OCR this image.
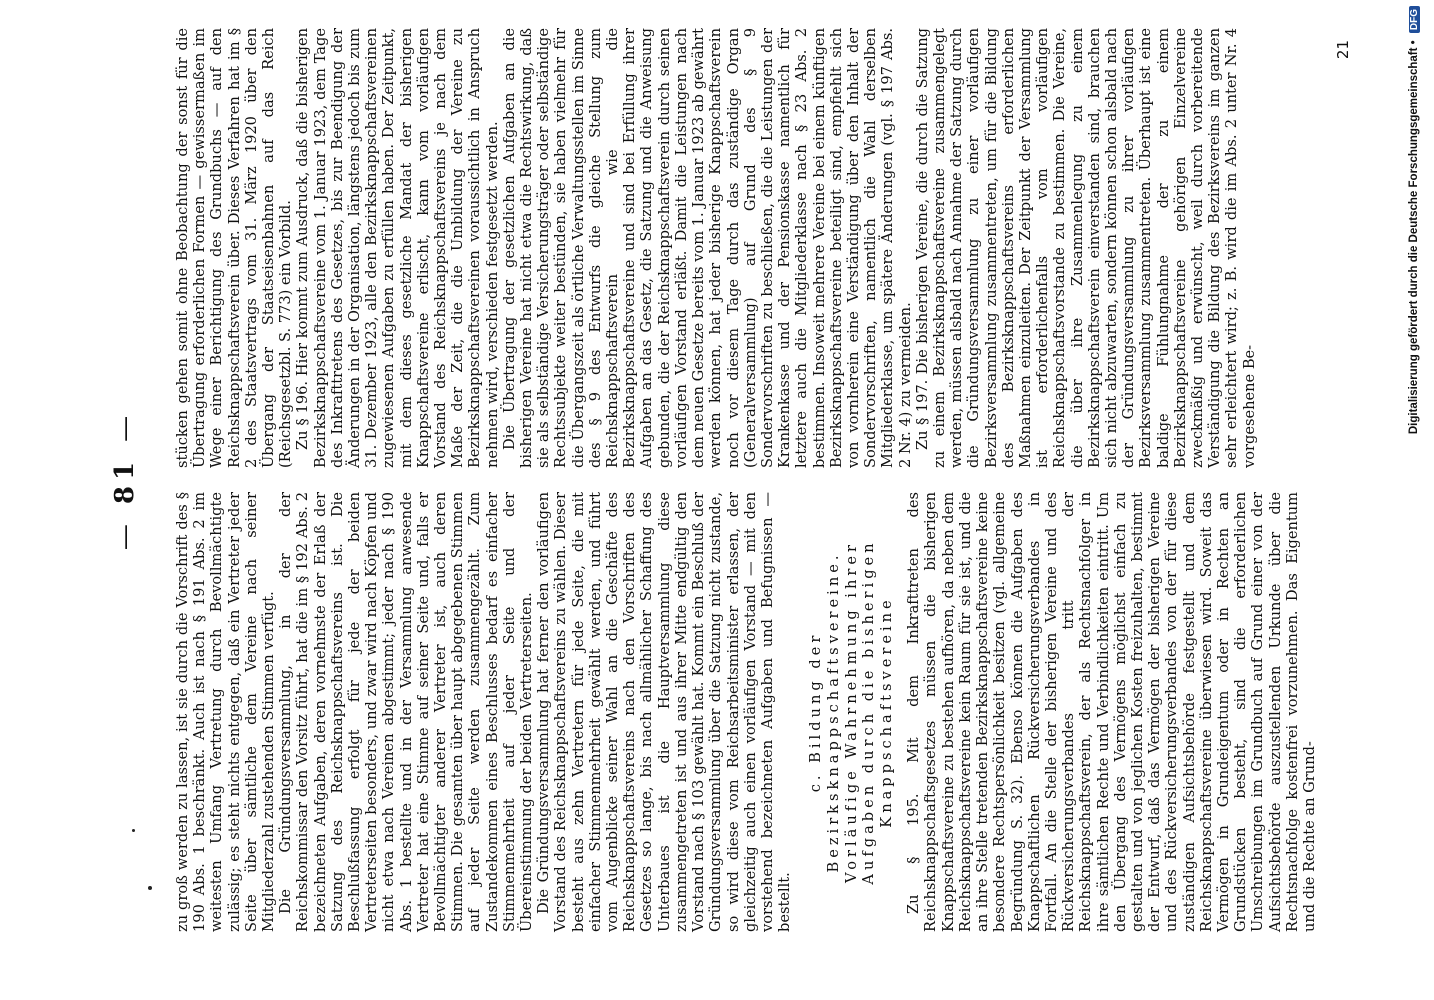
—81—

zu groß werden zu lassen, ist sie durch die Vorschrift des § 190 Abs. 1 beschränkt. Auch ist nach § 191 Abs. 2 im weitesten Umfang Vertretung durch Bevollmächtigte zulässig; es steht nichts entgegen, daß ein Vertreter jeder Seite über sämtliche dem Vereine nach seiner Mitgliederzahl zustehenden Stimmen verfügt. Die Gründungsversammlung, in der der Reichskommissar den Vorsitz führt, hat die im § 192 Abs. 2 bezeichneten Aufgaben, deren vornehmste der Erlaß der Satzung des Reichsknappschaftsvereins ist. Die Beschlußfassung erfolgt für jede der beiden Vertreterseiten besonders, und zwar wird nach Köpfen und nicht etwa nach Vereinen abgestimmt; jeder nach § 190 Abs. 1 bestellte und in der Versammlung anwesende Vertreter hat eine Stimme auf seiner Seite und, falls er Bevollmächtigter anderer Vertreter ist, auch deren Stimmen. Die gesamten über haupt abgegebenen Stimmen auf jeder Seite werden zusammengezählt. Zum Zustandekommen eines Beschlusses bedarf es einfacher Stimmenmehrheit auf jeder Seite und der Übereinstimmung der beiden Vertreterseiten. Die Gründungsversammlung hat ferner den vorläufigen Vorstand des Reichsknappschaftsvereins zu wählen. Dieser besteht aus zehn Vertretern für jede Seite, die mit einfacher Stimmenmehrheit gewählt werden, und führt vom Augenblicke seiner Wahl an die Geschäfte des Reichsknappschaftsvereins nach den Vorschriften des Gesetzes so lange, bis nach allmählicher Schaffung des Unterbaues ist die Hauptversammlung diese zusammengetreten ist und aus ihrer Mitte endgültig den Vorstand nach § 103 gewählt hat. Kommt ein Beschluß der Gründungsversammlung über die Satzung nicht zustande, so wird diese vom Reichsarbeitsminister erlassen, der gleichzeitig auch einen vorläufigen Vorstand — mit den vorstehend bezeichneten Aufgaben und Befugnissen — bestellt.

c. Bildung der Bezirksknappschaftsvereine. Vorläufige Wahrnehmung ihrer Aufgaben durch die bisherigen Knappschaftsvereine Zu § 195. Mit dem Inkrafttreten des Reichsknappschaftsgesetzes müssen die bisherigen Knappschaftsvereine zu bestehen aufhören, da neben dem Reichsknappschaftsvereine kein Raum für sie ist, und die an ihre Stelle tretenden Bezirksknappschaftsvereine keine besondere Rechtspersönlichkeit besitzen (vgl. allgemeine Begründung S. 32). Ebenso können die Aufgaben des Knappschaftlichen Rückversicherungsverbandes in Fortfall. An die Stelle der bisherigen Vereine und des Rückversicherungsverbandes tritt der Reichsknappschaftsverein, der als Rechtsnachfolger in ihre sämtlichen Rechte und Verbindlichkeiten eintritt. Um den Übergang des Vermögens möglichst einfach zu gestalten und von jeglichen Kosten freizuhalten, bestimmt der Entwurf, daß das Vermögen der bisherigen Vereine und des Rückversicherungsverbandes von der für diese zuständigen Aufsichtsbehörde festgestellt und dem Reichsknappschaftsvereine überwiesen wird. Soweit das Vermögen in Grundeigentum oder in Rechten an Grundstücken besteht, sind die erforderlichen Umschreibungen im Grundbuch auf Grund einer von der Aufsichtsbehörde auszustellenden Urkunde über die Rechtsnachfolge kostenfrei vorzunehmen. Das Eigentum und die Rechte an Grund-

stücken gehen somit ohne Beobachtung der sonst für die Übertragung erforderlichen Formen — gewissermaßen im Wege einer Berichtigung des Grundbuchs — auf den Reichsknappschaftsverein über. Dieses Verfahren hat im § 2 des Staatsvertrags vom 31. März 1920 über den Übergang der Staatseisenbahnen auf das Reich (Reichsgesetzbl. S. 773) ein Vorbild. Zu § 196. Hier kommt zum Ausdruck, daß die bisherigen Bezirksknappschaftsvereine vom 1. Januar 1923, dem Tage des Inkrafttretens des Gesetzes, bis zur Beendigung der Änderungen in der Organisation, längstens jedoch bis zum 31. Dezember 1923, alle den Bezirksknappschaftsvereinen zugewiesenen Aufgaben zu erfüllen haben. Der Zeitpunkt, mit dem dieses gesetzliche Mandat der bisherigen Knappschaftsvereine erlischt, kann vom vorläufigen Vorstand des Reichsknappschaftsvereins je nach dem Maße der Zeit, die die Umbildung der Vereine zu Bezirksknappschaftsvereinen voraussichtlich in Anspruch nehmen wird, verschieden festgesetzt werden. Die Übertragung der gesetzlichen Aufgaben an die bisherigen Vereine hat nicht etwa die Rechtswirkung, daß sie als selbständige Versicherungsträger oder selbständige Rechtssubjekte weiter bestünden, sie haben vielmehr für die Übergangszeit als örtliche Verwaltungsstellen im Sinne des § 9 des Entwurfs die gleiche Stellung zum Reichsknappschaftsverein wie die Bezirksknappschaftsvereine und sind bei Erfüllung ihrer Aufgaben an das Gesetz, die Satzung und die Anweisung gebunden, die der Reichsknappschaftsverein durch seinen vorläufigen Vorstand erläßt. Damit die Leistungen nach dem neuen Gesetze bereits vom 1. Januar 1923 ab gewährt werden können, hat jeder bisherige Knappschaftsverein noch vor diesem Tage durch das zuständige Organ (Generalversammlung) auf Grund des § 9 Sondervorschriften zu beschließen, die die Leistungen der Krankenkasse und der Pensionskasse namentlich für letztere auch die Mitgliederklasse nach § 23 Abs. 2 bestimmen. Insoweit mehrere Vereine bei einem künftigen Bezirksknappschaftsvereine beteiligt sind, empfiehlt sich von vornherein eine Verständigung über den Inhalt der Sondervorschriften, namentlich die Wahl derselben Mitgliederklasse, um spätere Änderungen (vgl. § 197 Abs. 2 Nr. 4) zu vermeiden. Zu § 197. Die bisherigen Vereine, die durch die Satzung zu einem Bezirksknappschaftsvereine zusammengelegt werden, müssen alsbald nach Annahme der Satzung durch die Gründungsversammlung zu einer vorläufigen Bezirksversammlung zusammentreten, um für die Bildung des Bezirksknappschaftsvereins erforderlichen Maßnahmen einzuleiten. Der Zeitpunkt der Versammlung ist erforderlichenfalls vom vorläufigen Reichsknappschaftsvorstande zu bestimmen. Die Vereine, die über ihre Zusammenlegung zu einem Bezirksknappschaftsverein einverstanden sind, brauchen sich nicht abzuwarten, sondern können schon alsbald nach der Gründungsversammlung zu ihrer vorläufigen Bezirksversammlung zusammentreten. Überhaupt ist eine baldige Fühlungnahme der zu einem Bezirksknappschaftsvereine gehörigen Einzelvereine zweckmäßig und erwünscht, weil durch vorbereitende Verständigung die Bildung des Bezirksvereins im ganzen sehr erleichtert wird; z. B. wird die im Abs. 2 unter Nr. 4 vorgesehene Be-

21	Digitalisierung gefördert durch die Deutsche Forschungsgemeinschaft • DFG
